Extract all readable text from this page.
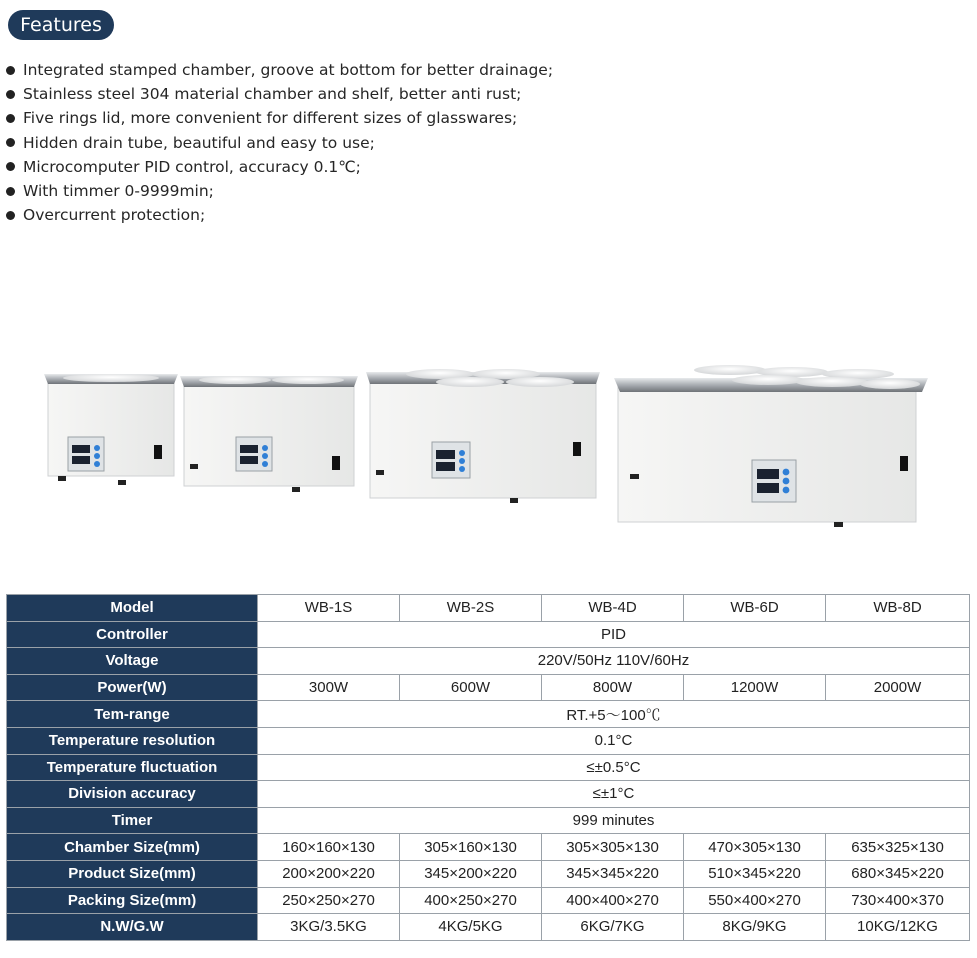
Features
Integrated stamped chamber, groove at bottom for better drainage;
Stainless steel 304 material chamber and shelf, better anti rust;
Five rings lid, more convenient for different sizes of glasswares;
Hidden drain tube, beautiful and easy to use;
Microcomputer PID control, accuracy 0.1℃;
With timmer 0-9999min;
Overcurrent protection;
Model	WB-1S	WB-2S	WB-4D	WB-6D	WB-8D
Controller	PID				
Voltage	220V/50Hz 110V/60Hz				
Power(W)	300W	600W	800W	1200W	2000W
Tem-range	RT.+5～100℃				
Temperature resolution	0.1°C				
Temperature fluctuation	≤±0.5°C				
Division accuracy	≤±1°C				
Timer	999 minutes				
Chamber Size(mm)	160×160×130	305×160×130	305×305×130	470×305×130	635×325×130
Product Size(mm)	200×200×220	345×200×220	345×345×220	510×345×220	680×345×220
Packing Size(mm)	250×250×270	400×250×270	400×400×270	550×400×270	730×400×370
N.W/G.W	3KG/3.5KG	4KG/5KG	6KG/7KG	8KG/9KG	10KG/12KG
